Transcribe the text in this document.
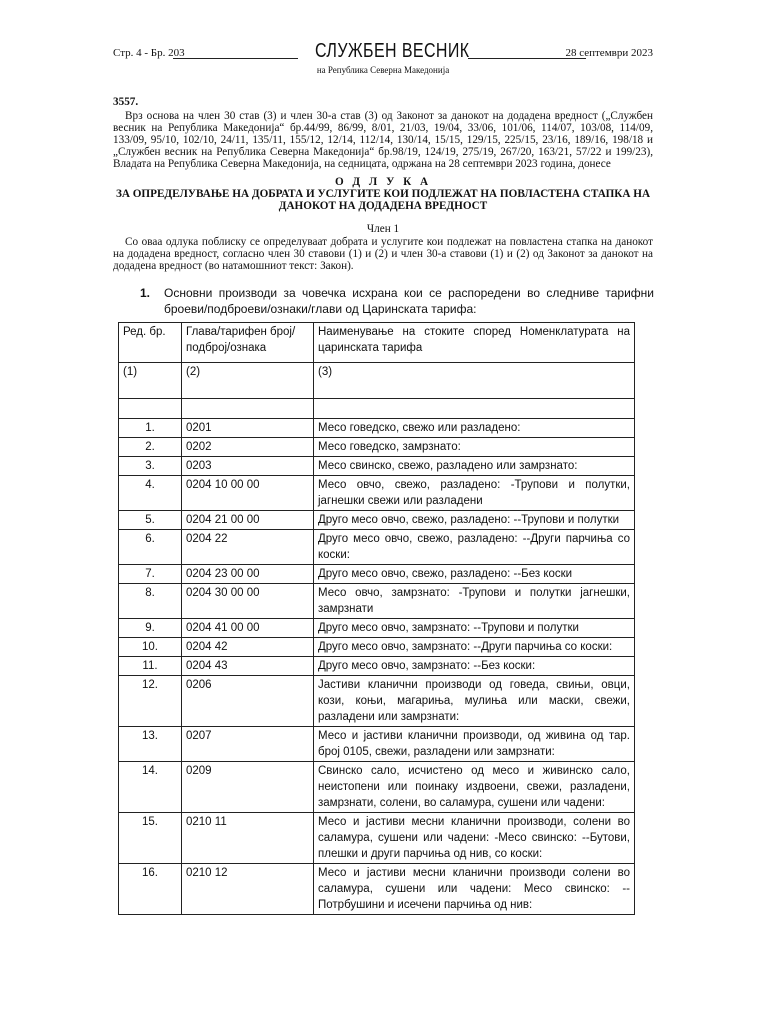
Стр. 4 - Бр. 203	СЛУЖБЕН ВЕСНИК
на Република Северна Македонија
28 септември 2023
3557.
Врз основа на член 30 став (3) и член 30-а став (3) од Законот за данокот на додадена вредност („Службен весник на Република Македонија“ бр.44/99, 86/99, 8/01, 21/03, 19/04, 33/06, 101/06, 114/07, 103/08, 114/09, 133/09, 95/10, 102/10, 24/11, 135/11, 155/12, 12/14, 112/14, 130/14, 15/15, 129/15, 225/15, 23/16, 189/16, 198/18 и „Службен весник на Република Северна Македонија“ бр.98/19, 124/19, 275/19, 267/20, 163/21, 57/22 и 199/23), Владата на Република Северна Македонија, на седницата, одржана на 28 септември 2023 година, донесе
О Д Л У К А
ЗА ОПРЕДЕЛУВАЊЕ НА ДОБРАТА И УСЛУГИТЕ КОИ ПОДЛЕЖАТ НА ПОВЛАСТЕНА СТАПКА НА
ДАНОКОТ НА ДОДАДЕНА ВРЕДНОСТ
Член 1
Со оваа одлука поблиску се определуваат добрата и услугите кои подлежат на повластена стапка на данокот на додадена вредност, согласно член 30 ставови (1) и (2) и член 30-а ставови (1) и (2) од Законот за данокот на додадена вредност (во натамошниот текст: Закон).
1. Основни производи за човечка исхрана кои се распоредени во следниве тарифни броеви/подброеви/ознаки/глави од Царинската тарифа:
Ред. бр.	Глава/тарифен број/подброј/ознака	Наименување на стоките според Номенклатурата на царинската тарифа
(1)	(2)	(3)

1.	0201	Месо говедско, свежо или разладено:
2.	0202	Месо говедско, замрзнато:
3.	0203	Месо свинско, свежо, разладено или замрзнато:
4.	0204 10 00 00	Месо овчо, свежо, разладено: -Трупови и полутки, јагнешки свежи или разладени
5.	0204 21 00 00	Друго месо овчо, свежо, разладено: --Трупови и полутки
6.	0204 22	Друго месо овчо, свежо, разладено: --Други парчиња со коски:
7.	0204 23 00 00	Друго месо овчо, свежо, разладено: --Без коски
8.	0204 30 00 00	Месо овчо, замрзнато: -Трупови и полутки јагнешки, замрзнати
9.	0204 41 00 00	Друго месо овчо, замрзнато: --Трупови и полутки
10.	0204 42	Друго месо овчо, замрзнато: --Други парчиња со коски:
11.	0204 43	Друго месо овчо, замрзнато: --Без коски:
12.	0206	Јастиви кланични производи од говеда, свињи, овци, кози, коњи, магариња, мулиња или маски, свежи, разладени или замрзнати:
13.	0207	Месо и јастиви кланични производи, од живина од тар. број 0105, свежи, разладени или замрзнати:
14.	0209	Свинско сало, исчистено од месо и живинско сало, неистопени или поинаку издвоени, свежи, разладени, замрзнати, солени, во саламура, сушени или чадени:
15.	0210 11	Месо и јастиви месни кланични производи, солени во саламура, сушени или чадени: -Месо свинско: --Бутови, плешки и други парчиња од нив, со коски:
16.	0210 12	Месо и јастиви месни кланични производи солени во саламура, сушени или чадени: Месо свинско: --Потрбушини и исечени парчиња од нив:
